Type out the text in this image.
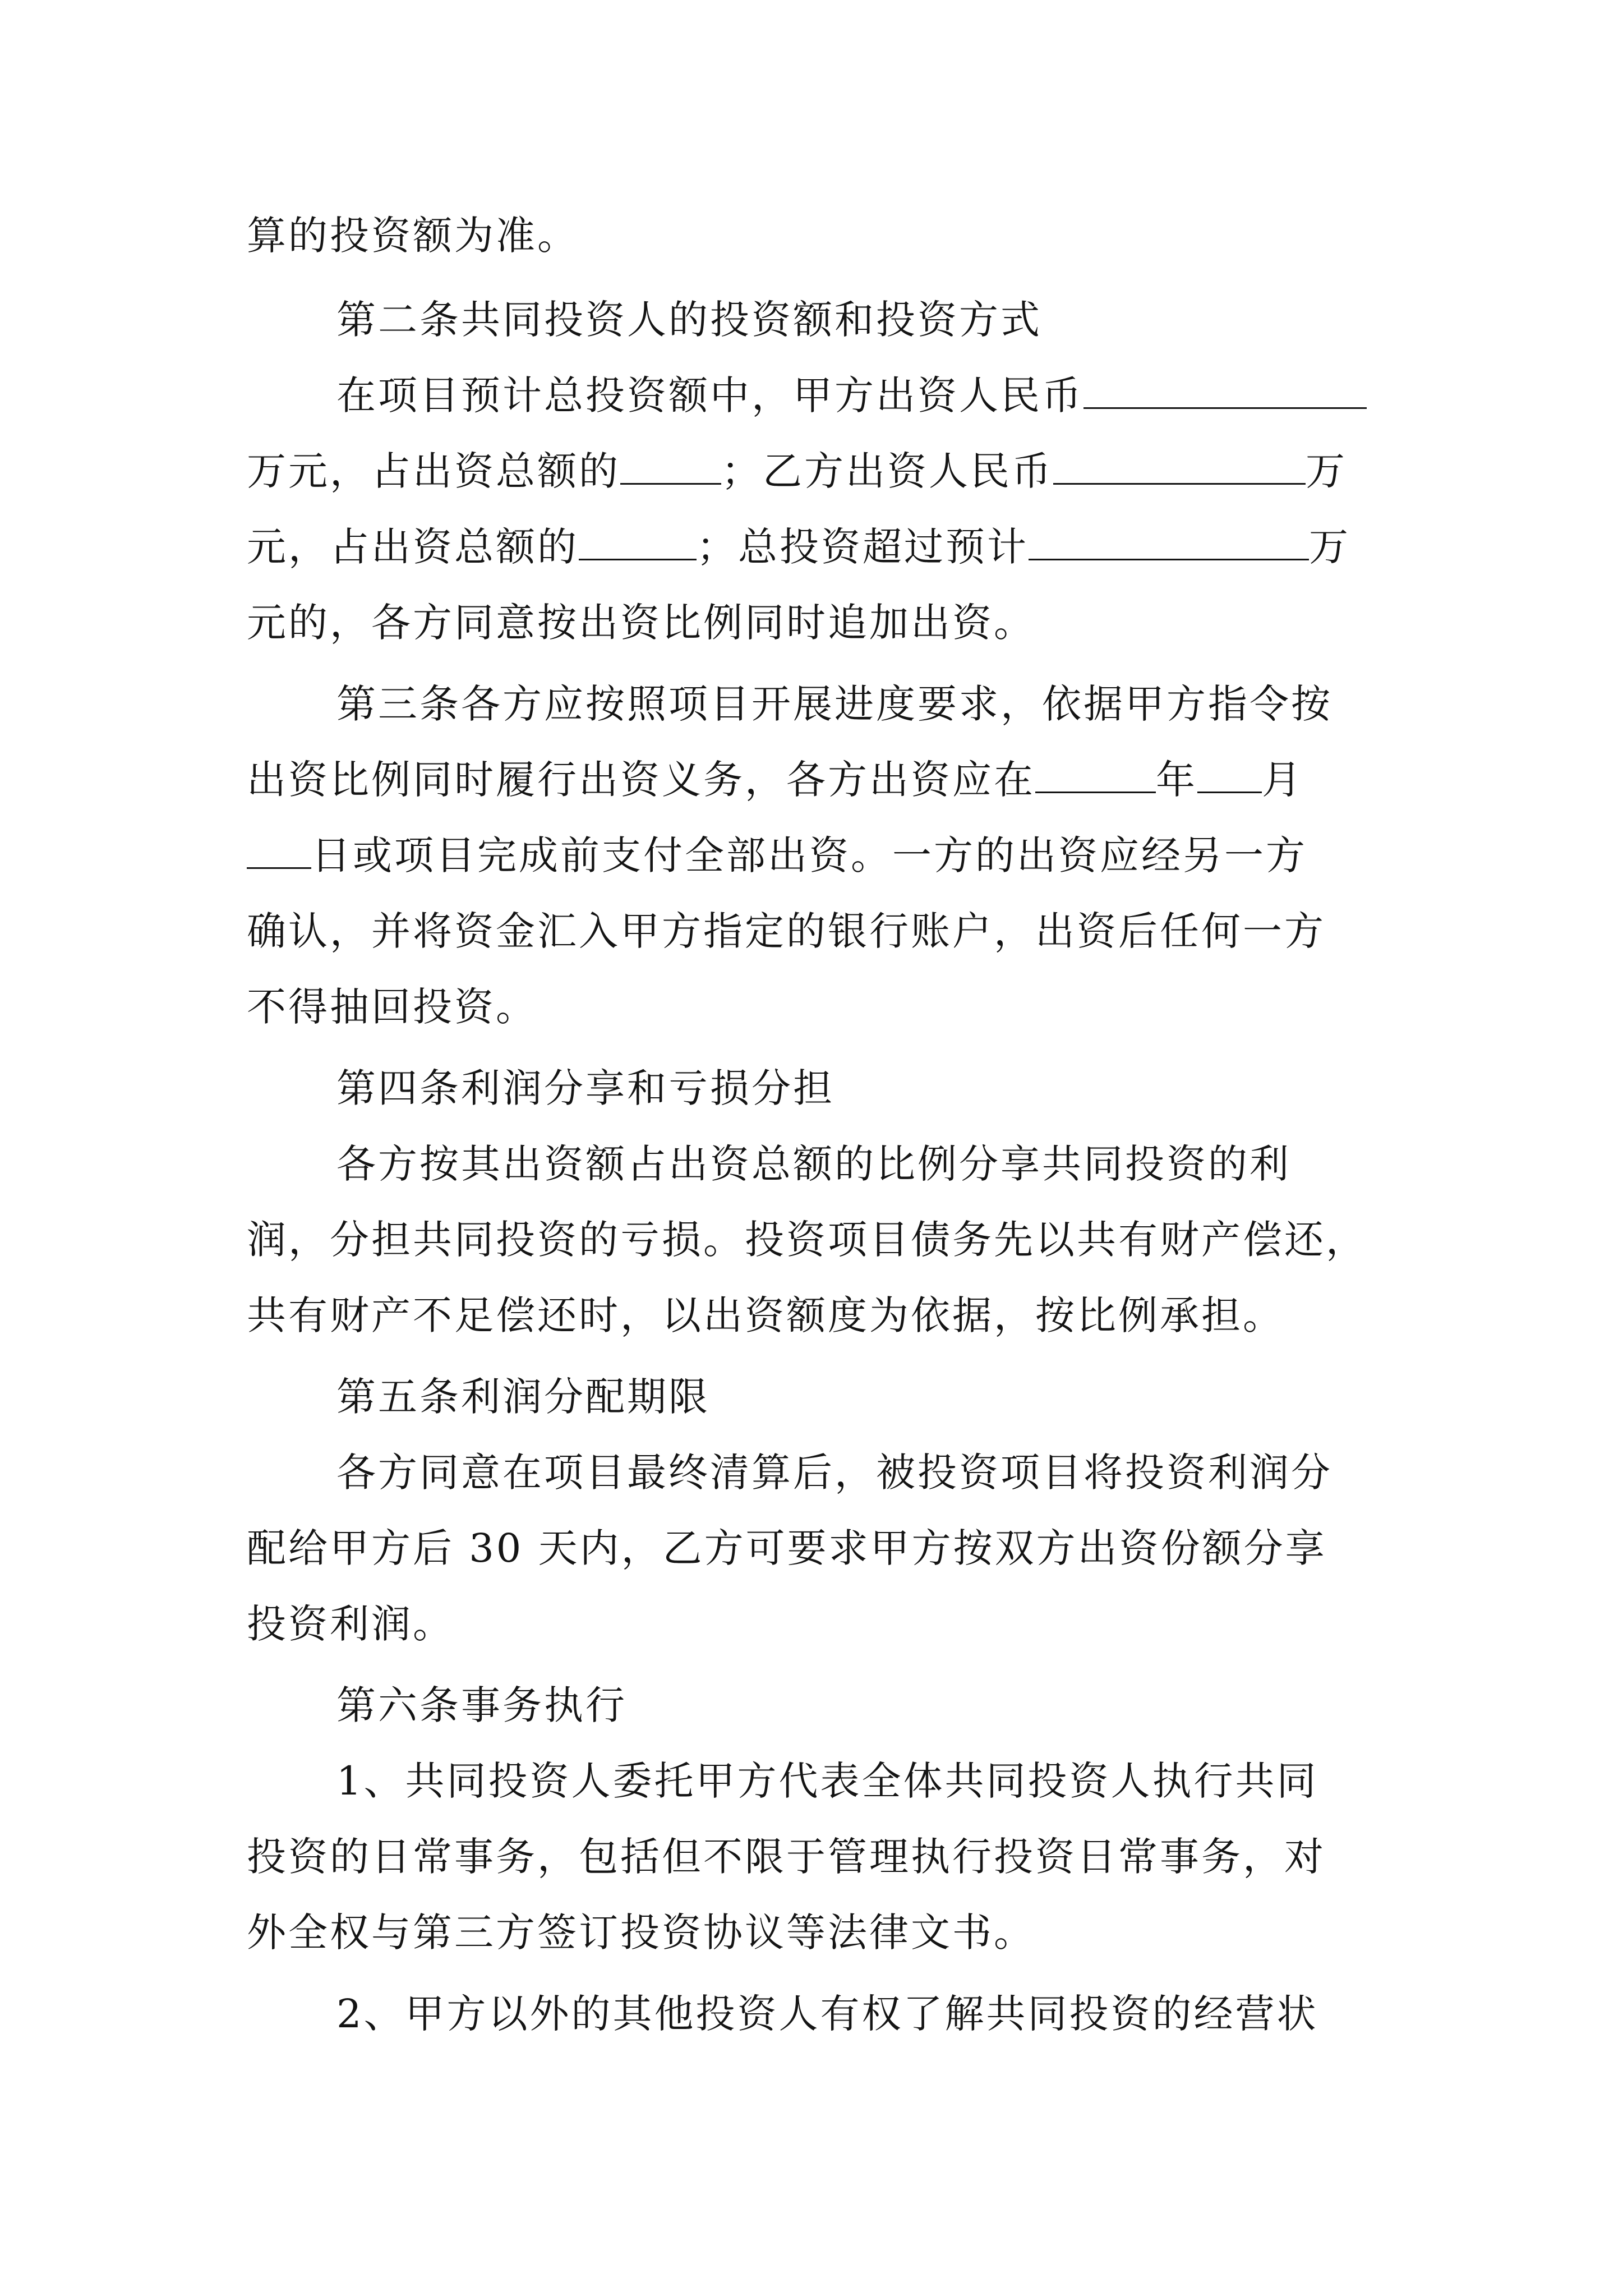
算的投资额为准。
第二条共同投资人的投资额和投资方式
在项目预计总投资额中，甲方出资人民币
万元，占出资总额的	；乙方出资人民币	万
元，占出资总额的	；总投资超过预计	万
元的，各方同意按出资比例同时追加出资。
第三条各方应按照项目开展进度要求，依据甲方指令按
出资比例同时履行出资义务，各方出资应在	年 月
日或项目完成前支付全部出资。一方的出资应经另一方
确认，并将资金汇入甲方指定的银行账户，出资后任何一方
不得抽回投资。
第四条利润分享和亏损分担
各方按其出资额占出资总额的比例分享共同投资的利
润，分担共同投资的亏损。投资项目债务先以共有财产偿还，
共有财产不足偿还时，以出资额度为依据，按比例承担。
第五条利润分配期限
各方同意在项目最终清算后，被投资项目将投资利润分
配给甲方后 30 天内，乙方可要求甲方按双方出资份额分享
投资利润。
第六条事务执行
1、共同投资人委托甲方代表全体共同投资人执行共同
投资的日常事务，包括但不限于管理执行投资日常事务，对
外全权与第三方签订投资协议等法律文书。
2、甲方以外的其他投资人有权了解共同投资的经营状
